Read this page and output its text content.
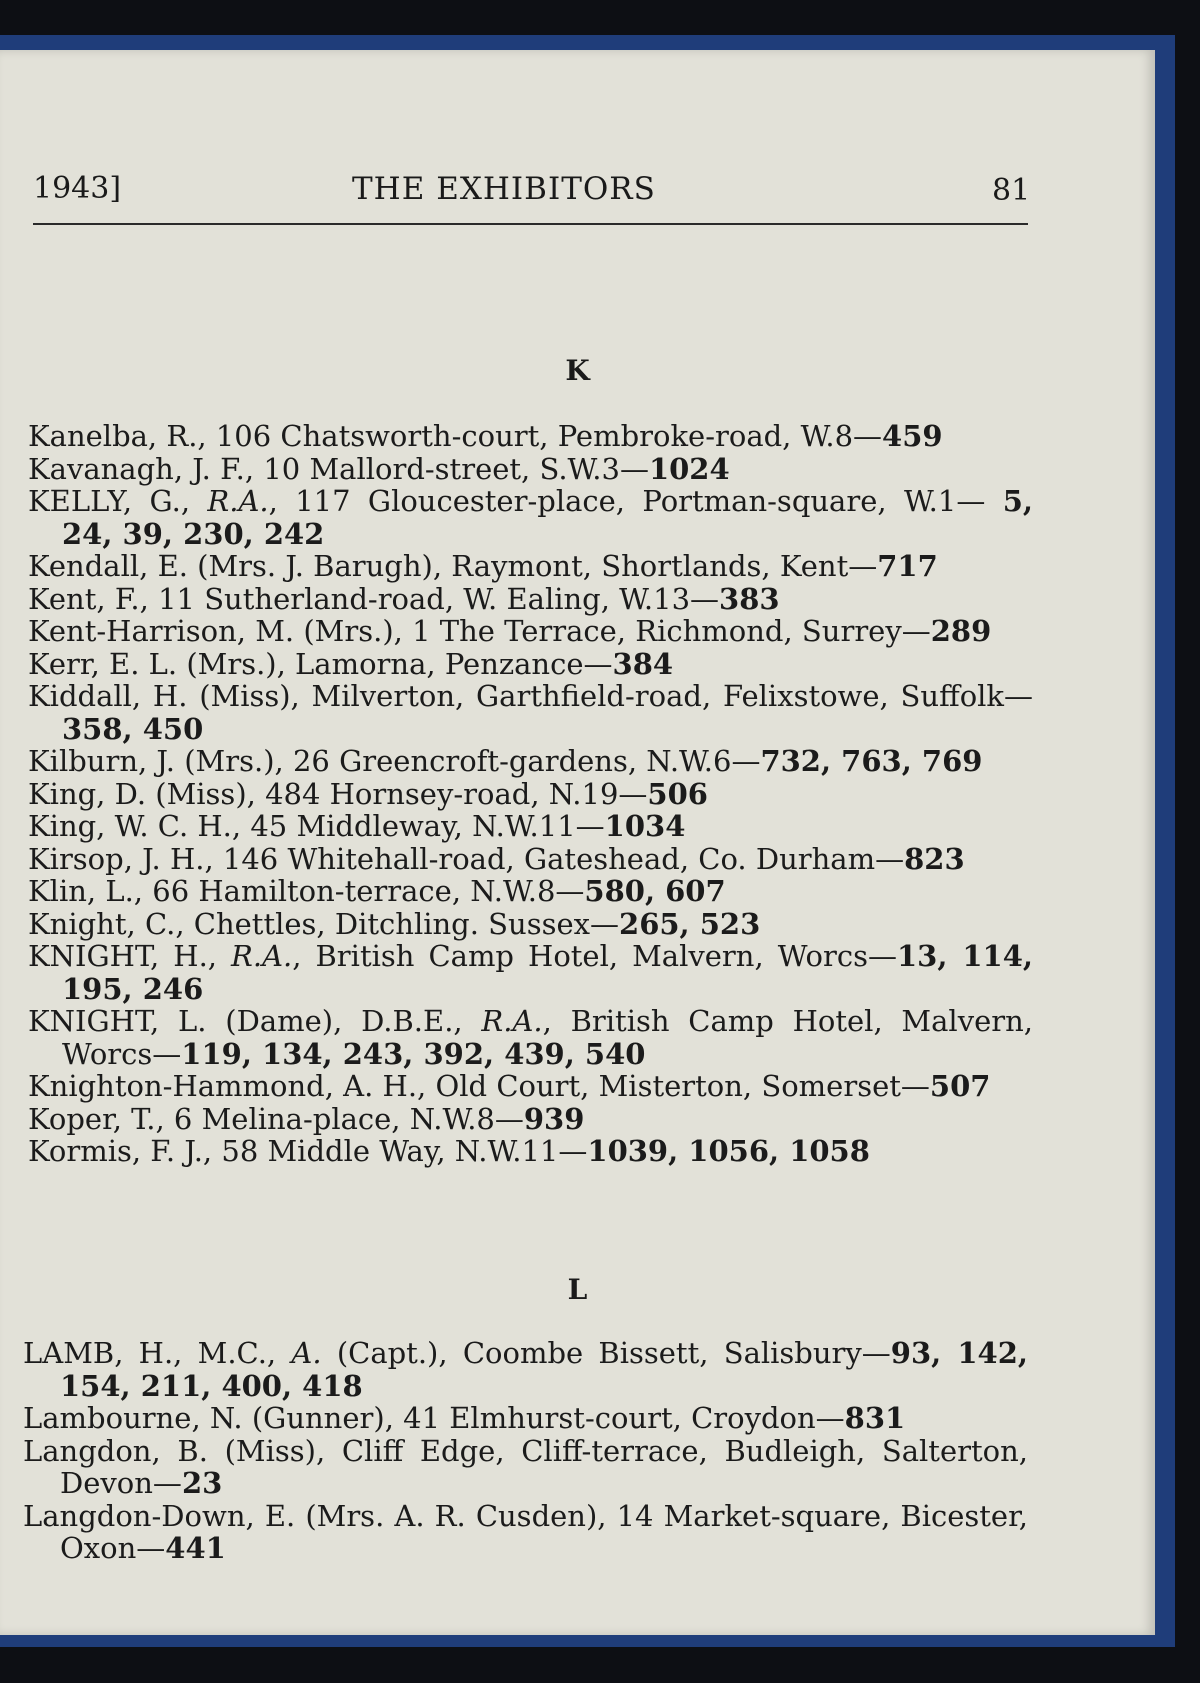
1943]	THE EXHIBITORS	81
K

Kanelba, R., 106 Chatsworth-court, Pembroke-road, W.8—459

Kavanagh, J. F., 10 Mallord-street, S.W.3—1024

KELLY, G., R.A., 117 Gloucester-place, Portman-square, W.1— 5, 24, 39, 230, 242

Kendall, E. (Mrs. J. Barugh), Raymont, Shortlands, Kent—717

Kent, F., 11 Sutherland-road, W. Ealing, W.13—383

Kent-Harrison, M. (Mrs.), 1 The Terrace, Richmond, Surrey—289

Kerr, E. L. (Mrs.), Lamorna, Penzance—384

Kiddall, H. (Miss), Milverton, Garthfield-road, Felixstowe, Suffolk—358, 450

Kilburn, J. (Mrs.), 26 Greencroft-gardens, N.W.6—732, 763, 769

King, D. (Miss), 484 Hornsey-road, N.19—506

King, W. C. H., 45 Middleway, N.W.11—1034

Kirsop, J. H., 146 Whitehall-road, Gateshead, Co. Durham—823

Klin, L., 66 Hamilton-terrace, N.W.8—580, 607

Knight, C., Chettles, Ditchling. Sussex—265, 523

KNIGHT, H., R.A., British Camp Hotel, Malvern, Worcs—13, 114, 195, 246

KNIGHT, L. (Dame), D.B.E., R.A., British Camp Hotel, Malvern, Worcs—119, 134, 243, 392, 439, 540

Knighton-Hammond, A. H., Old Court, Misterton, Somerset—507

Koper, T., 6 Melina-place, N.W.8—939

Kormis, F. J., 58 Middle Way, N.W.11—1039, 1056, 1058

L

LAMB, H., M.C., A. (Capt.), Coombe Bissett, Salisbury—93, 142, 154, 211, 400, 418

Lambourne, N. (Gunner), 41 Elmhurst-court, Croydon—831

Langdon, B. (Miss), Cliff Edge, Cliff-terrace, Budleigh, Salterton, Devon—23

Langdon-Down, E. (Mrs. A. R. Cusden), 14 Market-square, Bicester, Oxon—441
